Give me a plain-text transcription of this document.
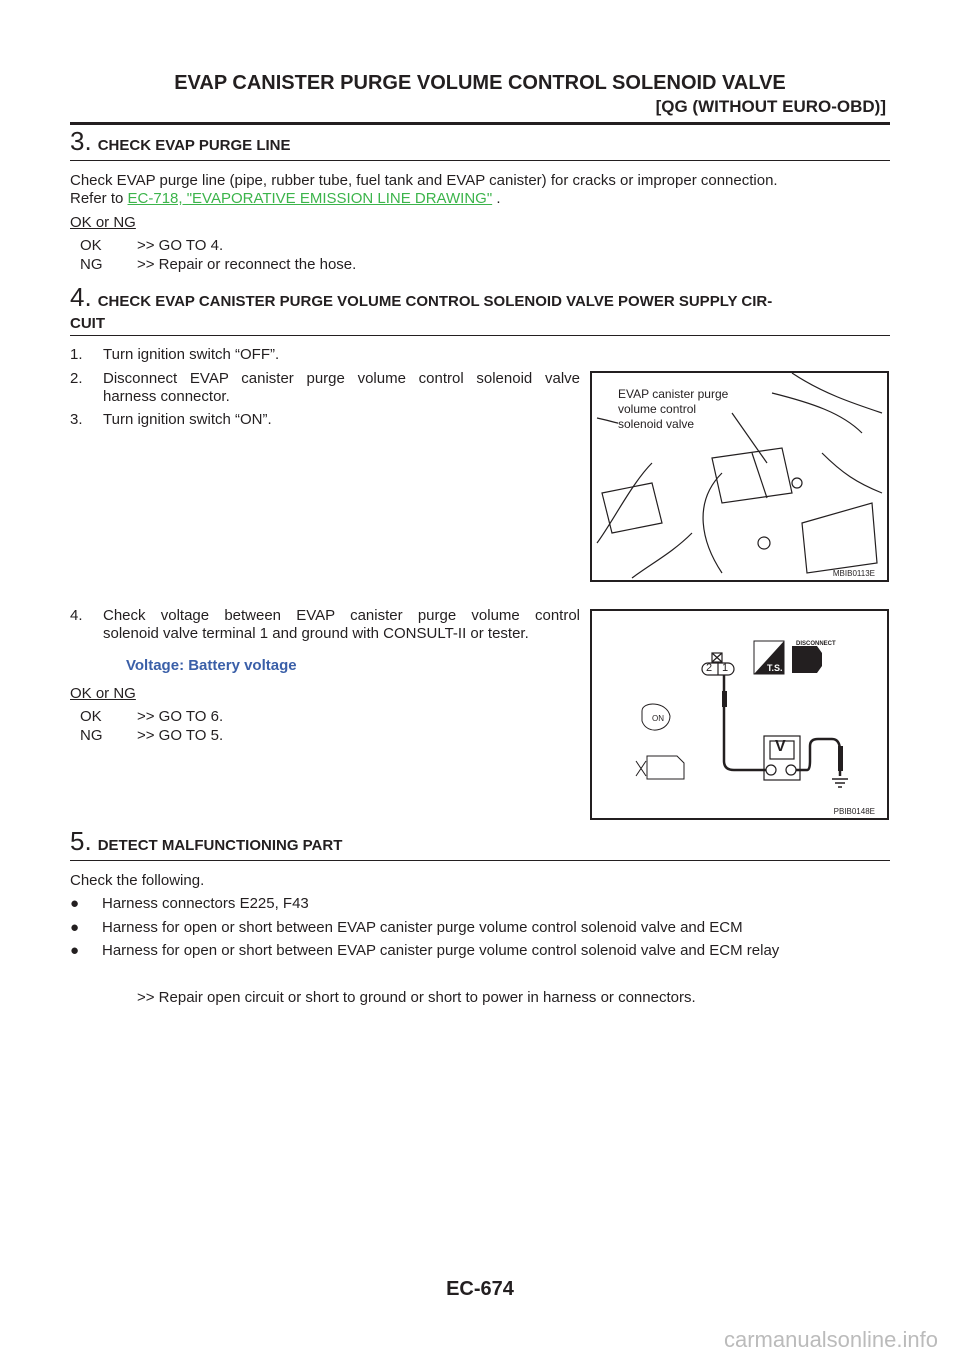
EVAP CANISTER PURGE VOLUME CONTROL SOLENOID VALVE
[QG (WITHOUT EURO-OBD)]
3. CHECK EVAP PURGE LINE
Check EVAP purge line (pipe, rubber tube, fuel tank and EVAP canister) for cracks or improper connection.
Refer to EC-718, "EVAPORATIVE EMISSION LINE DRAWING" .
OK or NG
OK >> GO TO 4.
NG >> Repair or reconnect the hose.
4. CHECK EVAP CANISTER PURGE VOLUME CONTROL SOLENOID VALVE POWER SUPPLY CIR-
CUIT
1. Turn ignition switch “OFF”.
2. Disconnect EVAP canister purge volume control solenoid valve
harness connector.
3. Turn ignition switch “ON”.
EVAP canister purge
volume control
solenoid valve
MBIB0113E
4. Check voltage between EVAP canister purge volume control
solenoid valve terminal 1 and ground with CONSULT-II or tester.
Voltage: Battery voltage
OK or NG
OK >> GO TO 6.
NG >> GO TO 5.
DISCONNECT
T.S.
2 1
ON
V
PBIB0148E
5. DETECT MALFUNCTIONING PART
Check the following.
● Harness connectors E225, F43
● Harness for open or short between EVAP canister purge volume control solenoid valve and ECM
● Harness for open or short between EVAP canister purge volume control solenoid valve and ECM relay
>> Repair open circuit or short to ground or short to power in harness or connectors.
EC-674
carmanualsonline.info
